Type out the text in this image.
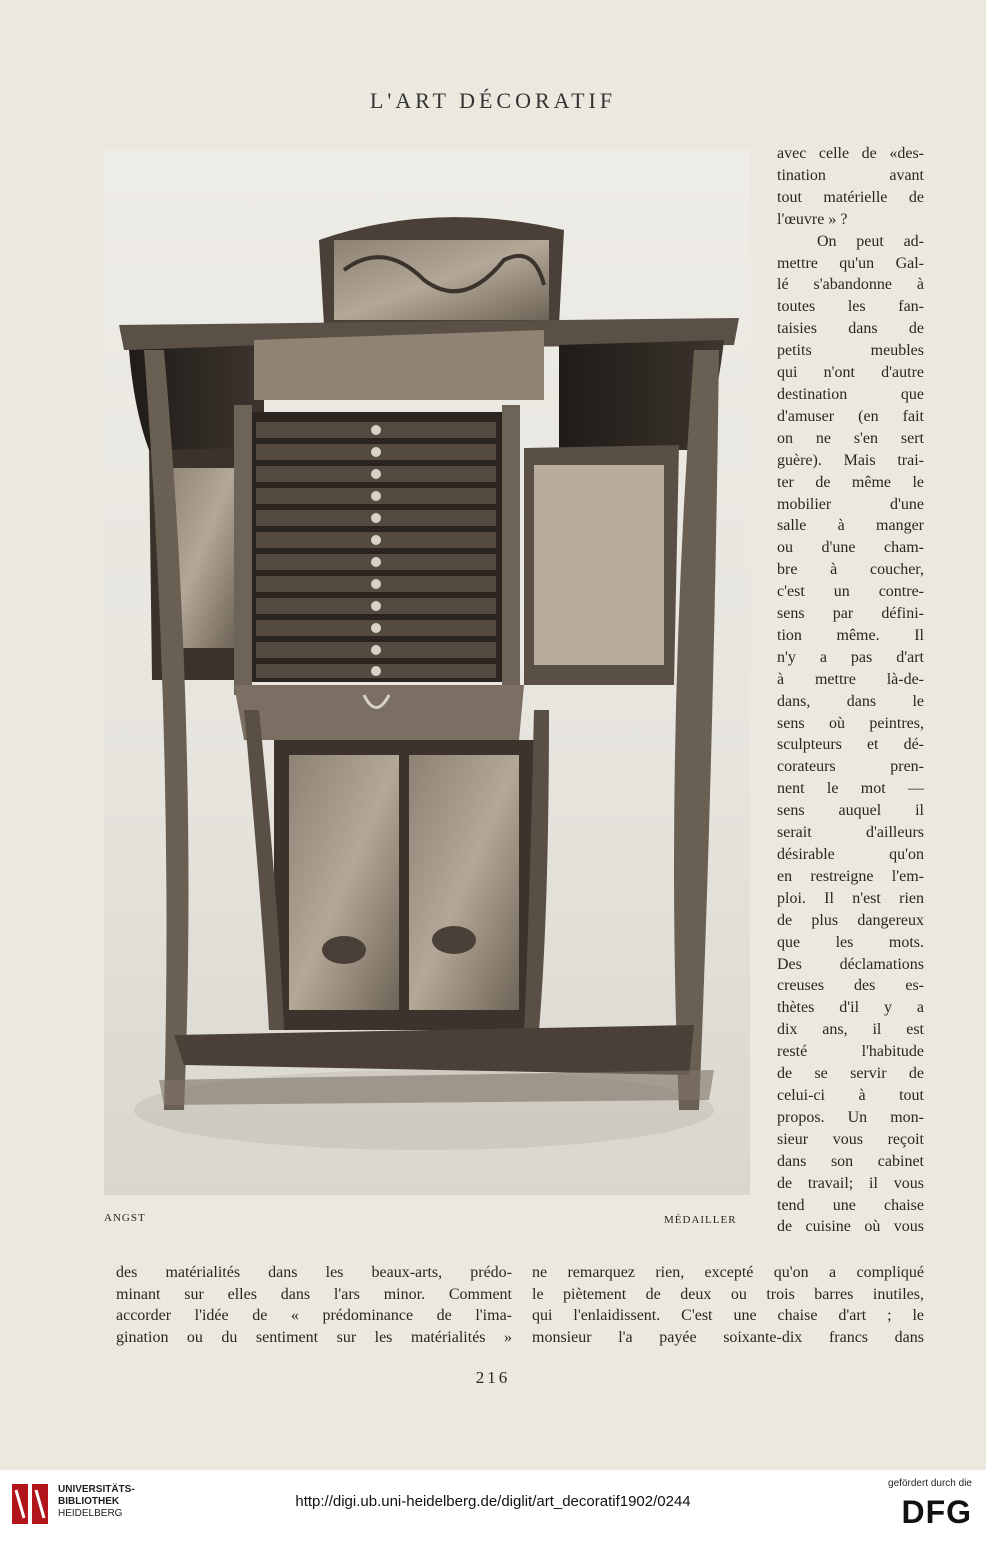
L'ART DÉCORATIF
ANGST	MÉDAILLER
avec celle de «des-
tination avant
tout matérielle de
l'œuvre » ?
On peut ad-
mettre qu'un Gal-
lé s'abandonne à
toutes les fan-
taisies dans de
petits meubles
qui n'ont d'autre
destination que
d'amuser (en fait
on ne s'en sert
guère). Mais trai-
ter de même le
mobilier d'une
salle à manger
ou d'une cham-
bre à coucher,
c'est un contre-
sens par défini-
tion même. Il
n'y a pas d'art
à mettre là-de-
dans, dans le
sens où peintres,
sculpteurs et dé-
corateurs pren-
nent le mot —
sens auquel il
serait d'ailleurs
désirable qu'on
en restreigne l'em-
ploi. Il n'est rien
de plus dangereux
que les mots.
Des déclamations
creuses des es-
thètes d'il y a
dix ans, il est
resté l'habitude
de se servir de
celui-ci à tout
propos. Un mon-
sieur vous reçoit
dans son cabinet
de travail; il vous
tend une chaise
de cuisine où vous
des matérialités dans les beaux-arts, prédo-
minant sur elles dans l'ars minor. Comment
accorder l'idée de « prédominance de l'ima-
gination ou du sentiment sur les matérialités »
ne remarquez rien, excepté qu'on a compliqué
le piètement de deux ou trois barres inutiles,
qui l'enlaidissent. C'est une chaise d'art ; le
monsieur l'a payée soixante-dix francs dans
216
UNIVERSITÄTS-
BIBLIOTHEK
HEIDELBERG
http://digi.ub.uni-heidelberg.de/diglit/art_decoratif1902/0244
gefördert durch die
DFG
